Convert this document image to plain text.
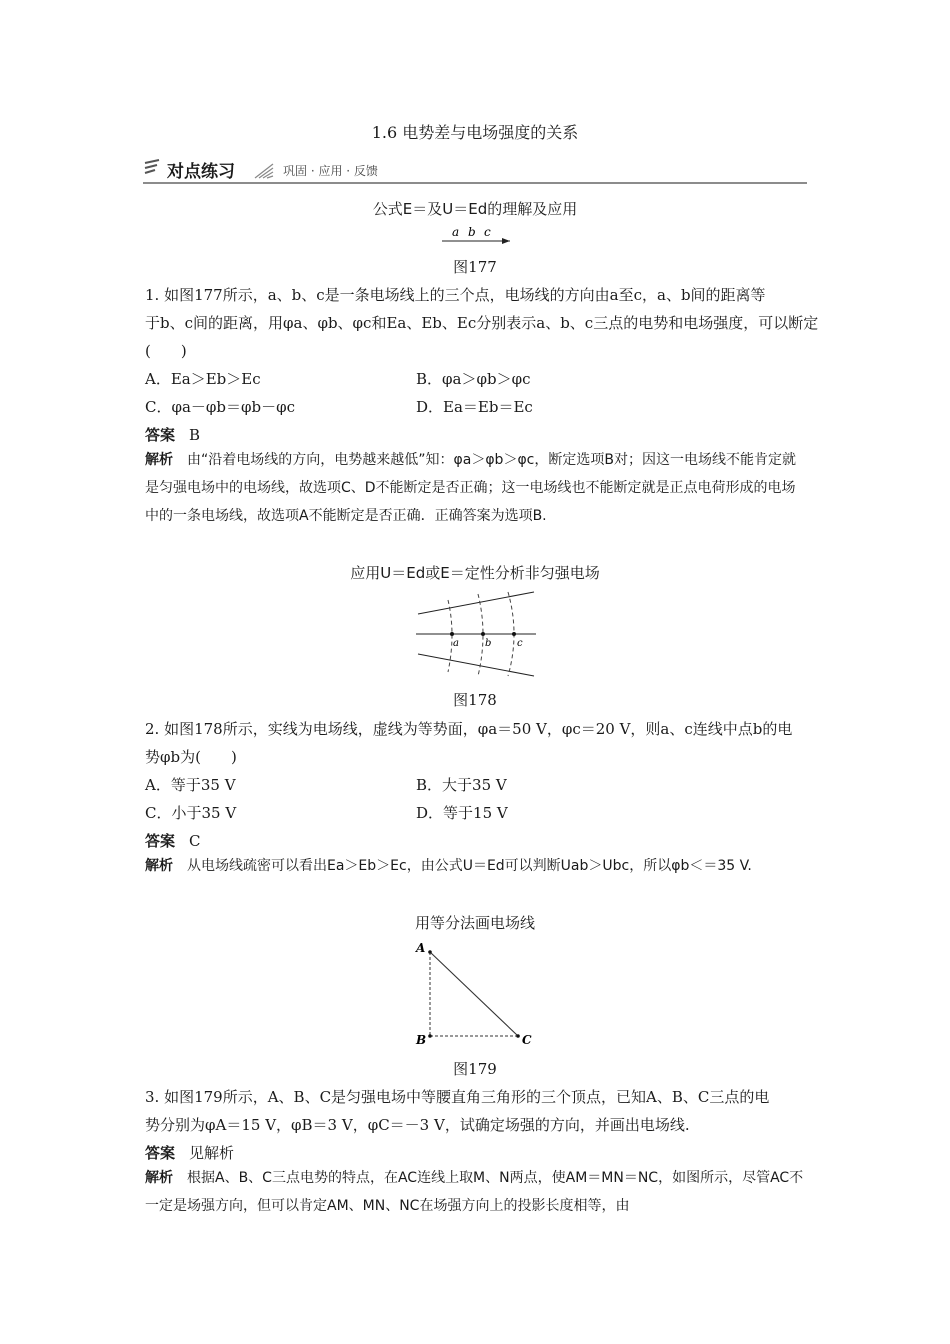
1.6 电势差与电场强度的关系
对点练习	巩固 · 应用 · 反馈
公式E＝及U＝Ed的理解及应用
a b c
图177
1. 如图177所示，a、b、c是一条电场线上的三个点，电场线的方向由a至c，a、b间的距离等
于b、c间的距离，用φa、φb、φc和Ea、Eb、Ec分别表示a、b、c三点的电势和电场强度，可以断定
(　　)
A．Ea＞Eb＞Ec	B．φa＞φb＞φc
C．φa－φb＝φb－φc	D．Ea＝Eb＝Ec
答案 B
解析 由“沿着电场线的方向，电势越来越低”知：φa＞φb＞φc，断定选项B对；因这一电场线不能肯定就是匀强电场中的电场线，故选项C、D不能断定是否正确；这一电场线也不能断定就是正点电荷形成的电场中的一条电场线，故选项A不能断定是否正确．正确答案为选项B.
应用U＝Ed或E＝定性分析非匀强电场
a	b	c
图178
2. 如图178所示，实线为电场线，虚线为等势面，φa＝50 V，φc＝20 V，则a、c连线中点b的电
势φb为(　　)
A．等于35 V	B．大于35 V
C．小于35 V	D．等于15 V
答案 C
解析 从电场线疏密可以看出Ea＞Eb＞Ec，由公式U＝Ed可以判断Uab＞Ubc，所以φb＜＝35 V.
用等分法画电场线
A
B	C
图179
3. 如图179所示，A、B、C是匀强电场中等腰直角三角形的三个顶点，已知A、B、C三点的电
势分别为φA＝15 V，φB＝3 V，φC＝－3 V，试确定场强的方向，并画出电场线.
答案 见解析
解析 根据A、B、C三点电势的特点，在AC连线上取M、N两点，使AM＝MN＝NC，如图所示，尽管AC不一定是场强方向，但可以肯定AM、MN、NC在场强方向上的投影长度相等，由
